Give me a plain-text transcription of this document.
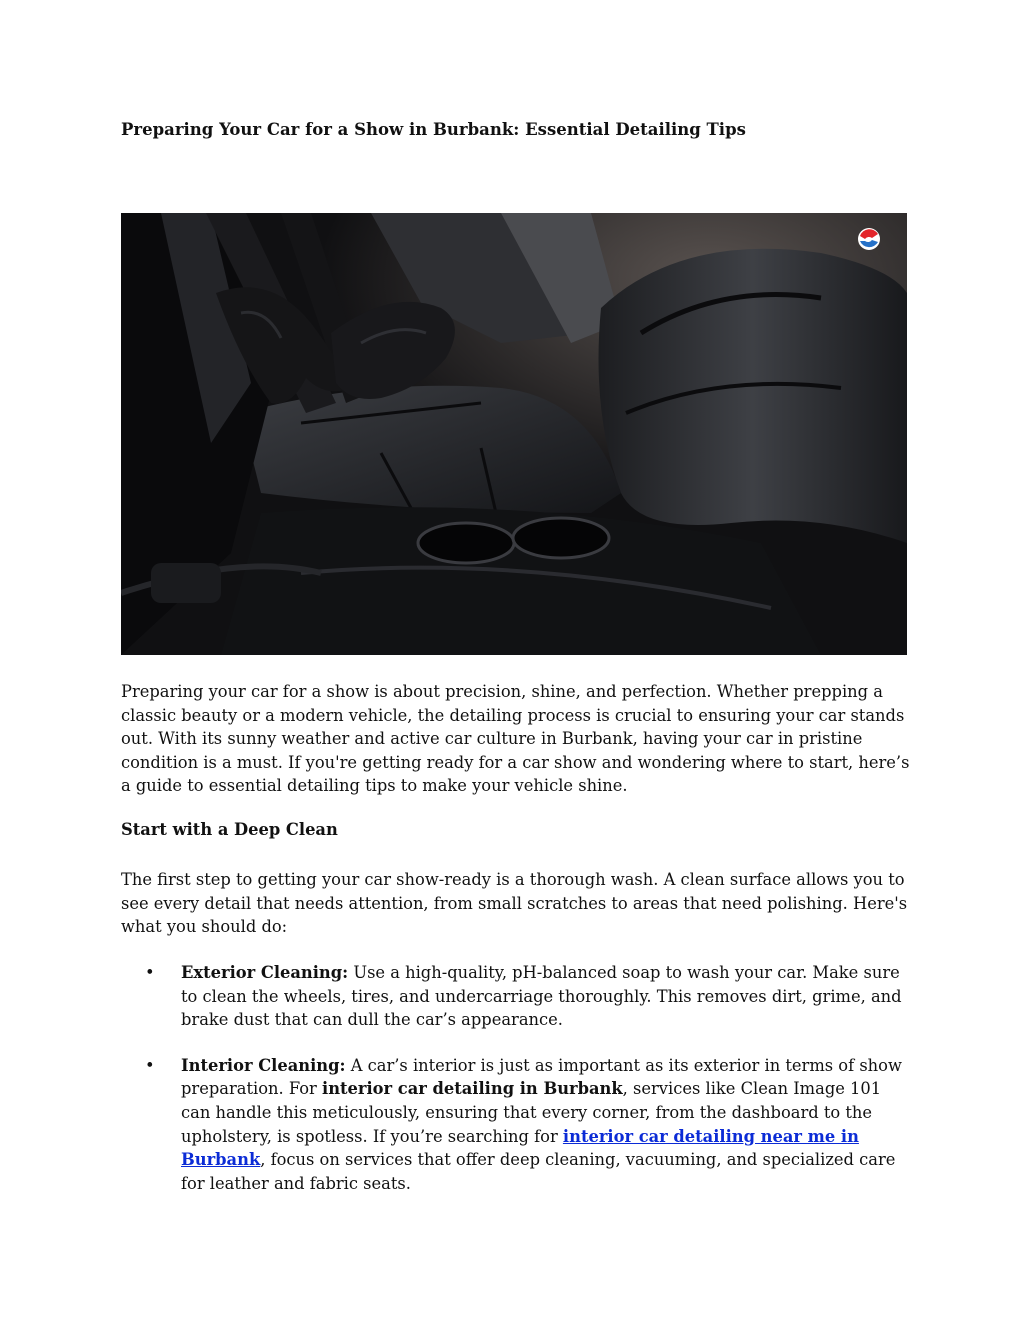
Preparing Your Car for a Show in Burbank: Essential Detailing Tips

Preparing your car for a show is about precision, shine, and perfection. Whether prepping a classic beauty or a modern vehicle, the detailing process is crucial to ensuring your car stands out. With its sunny weather and active car culture in Burbank, having your car in pristine condition is a must. If you're getting ready for a car show and wondering where to start, here’s a guide to essential detailing tips to make your vehicle shine.

Start with a Deep Clean

The first step to getting your car show-ready is a thorough wash. A clean surface allows you to see every detail that needs attention, from small scratches to areas that need polishing. Here's what you should do:

• Exterior Cleaning: Use a high-quality, pH-balanced soap to wash your car. Make sure to clean the wheels, tires, and undercarriage thoroughly. This removes dirt, grime, and brake dust that can dull the car’s appearance.
• Interior Cleaning: A car’s interior is just as important as its exterior in terms of show preparation. For interior car detailing in Burbank, services like Clean Image 101 can handle this meticulously, ensuring that every corner, from the dashboard to the upholstery, is spotless. If you’re searching for interior car detailing near me in Burbank, focus on services that offer deep cleaning, vacuuming, and specialized care for leather and fabric seats.
